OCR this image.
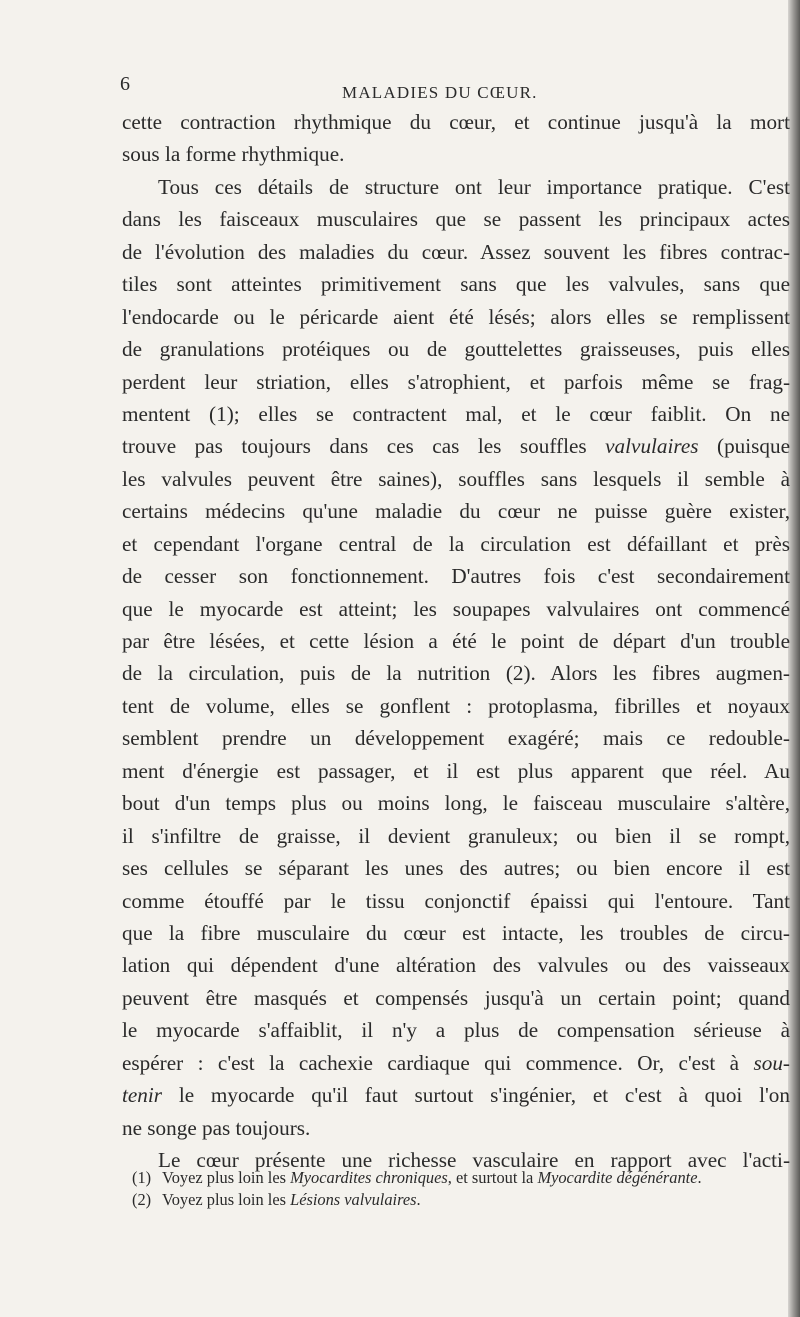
6	MALADIES DU CŒUR.
cette contraction rhythmique du cœur, et continue jusqu'à la mort
sous la forme rhythmique.
Tous ces détails de structure ont leur importance pratique. C'est
dans les faisceaux musculaires que se passent les principaux actes
de l'évolution des maladies du cœur. Assez souvent les fibres contrac-
tiles sont atteintes primitivement sans que les valvules, sans que
l'endocarde ou le péricarde aient été lésés; alors elles se remplissent
de granulations protéiques ou de gouttelettes graisseuses, puis elles
perdent leur striation, elles s'atrophient, et parfois même se frag-
mentent (1); elles se contractent mal, et le cœur faiblit. On ne
trouve pas toujours dans ces cas les souffles valvulaires (puisque
les valvules peuvent être saines), souffles sans lesquels il semble à
certains médecins qu'une maladie du cœur ne puisse guère exister,
et cependant l'organe central de la circulation est défaillant et près
de cesser son fonctionnement. D'autres fois c'est secondairement
que le myocarde est atteint; les soupapes valvulaires ont commencé
par être lésées, et cette lésion a été le point de départ d'un trouble
de la circulation, puis de la nutrition (2). Alors les fibres augmen-
tent de volume, elles se gonflent : protoplasma, fibrilles et noyaux
semblent prendre un développement exagéré; mais ce redouble-
ment d'énergie est passager, et il est plus apparent que réel. Au
bout d'un temps plus ou moins long, le faisceau musculaire s'altère,
il s'infiltre de graisse, il devient granuleux; ou bien il se rompt,
ses cellules se séparant les unes des autres; ou bien encore il est
comme étouffé par le tissu conjonctif épaissi qui l'entoure. Tant
que la fibre musculaire du cœur est intacte, les troubles de circu-
lation qui dépendent d'une altération des valvules ou des vaisseaux
peuvent être masqués et compensés jusqu'à un certain point; quand
le myocarde s'affaiblit, il n'y a plus de compensation sérieuse à
espérer : c'est la cachexie cardiaque qui commence. Or, c'est à sou-
tenir le myocarde qu'il faut surtout s'ingénier, et c'est à quoi l'on
ne songe pas toujours.
Le cœur présente une richesse vasculaire en rapport avec l'acti-
(1) Voyez plus loin les Myocardites chroniques, et surtout la Myocardite dégénérante.
(2) Voyez plus loin les Lésions valvulaires.
